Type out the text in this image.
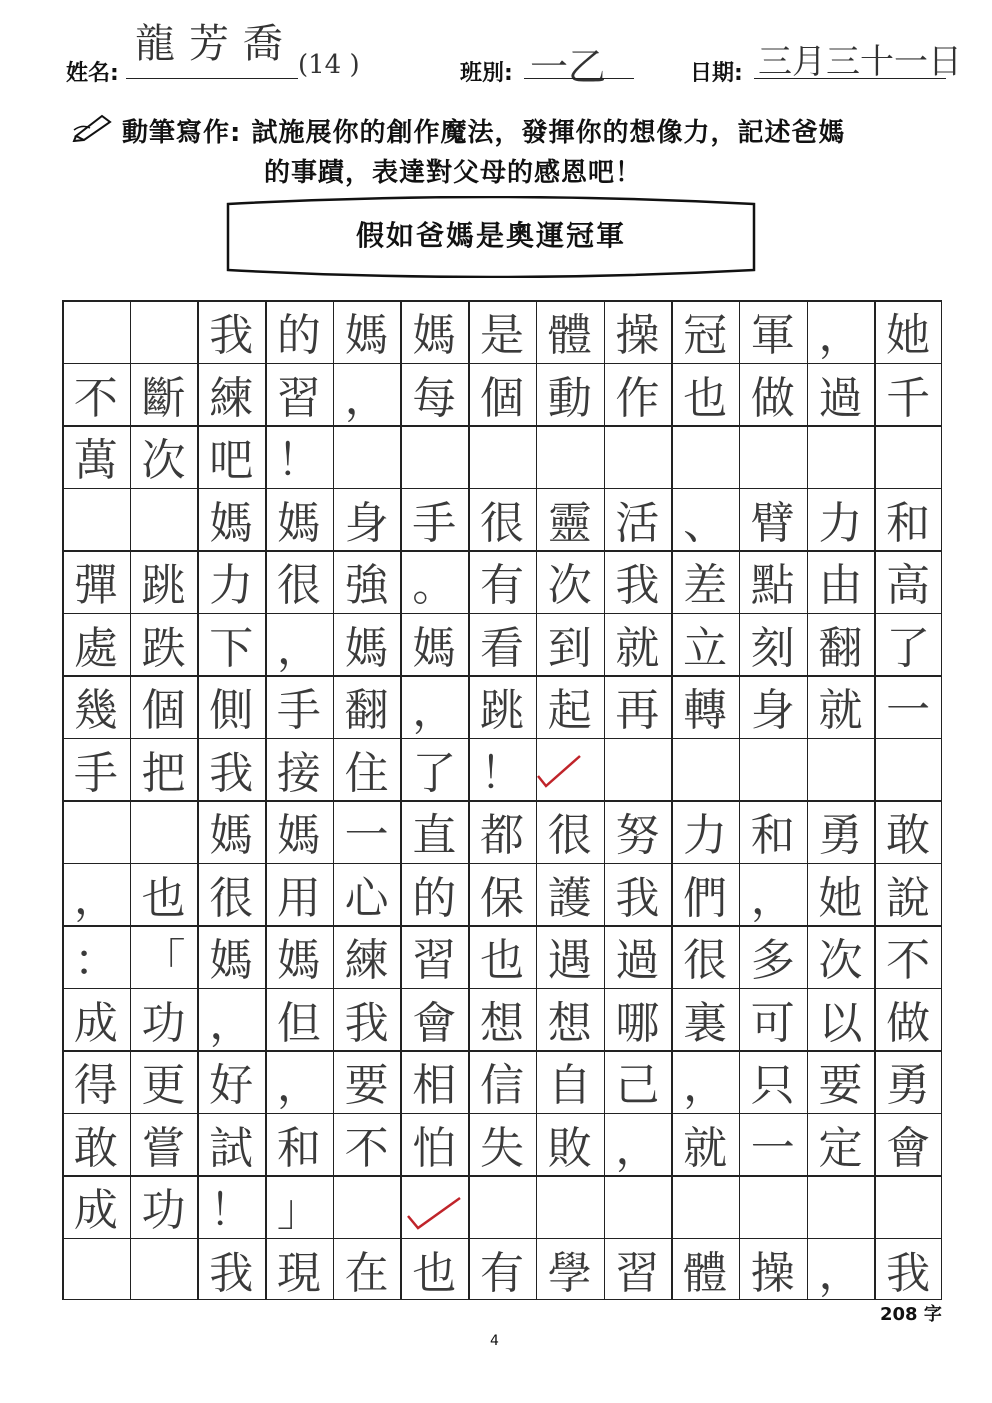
姓名:
龍芳喬 (14 )	班別: 一乙	日期: 三月三十一日
動筆寫作: 試施展你的創作魔法，發揮你的想像力，記述爸媽
的事蹟，表達對父母的感恩吧！
假如爸媽是奧運冠軍
我 的 媽 媽 是 體 操 冠 軍 ， 她
不 斷 練 習 ， 每 個 動 作 也 做 過 千
萬 次 吧 ！
媽 媽 身 手 很 靈 活 、 臂 力 和
彈 跳 力 很 強 。 有 次 我 差 點 由 高
處 跌 下 ， 媽 媽 看 到 就 立 刻 翻 了
幾 個 側 手 翻 ， 跳 起 再 轉 身 就 一
手 把 我 接 住 了 ！
媽 媽 一 直 都 很 努 力 和 勇 敢
， 也 很 用 心 的 保 護 我 們 ， 她 說
： 「 媽 媽 練 習 也 遇 過 很 多 次 不
成 功 ， 但 我 會 想 想 哪 裏 可 以 做
得 更 好 ， 要 相 信 自 己 ， 只 要 勇
敢 嘗 試 和 不 怕 失 敗 ， 就 一 定 會
成 功 ！ 」
我 現 在 也 有 學 習 體 操 ， 我
208 字
4
